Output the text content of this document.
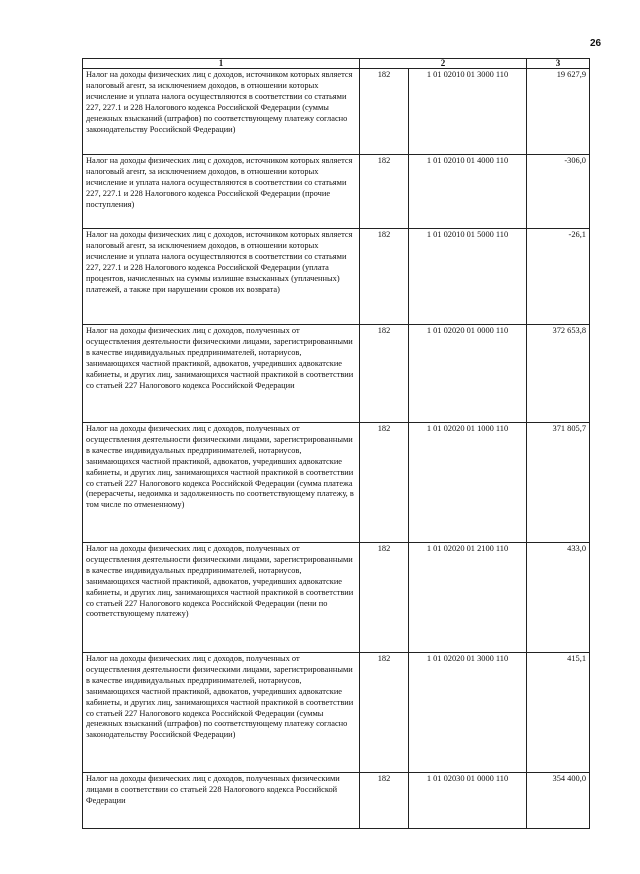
26
1	2		3
Налог на доходы физических лиц с доходов, источником которых является налоговый агент, за исключением доходов, в отношении которых исчисление и уплата налога осуществляются в соответствии со статьями 227, 227.1 и 228 Налогового кодекса Российской Федерации (суммы денежных взысканий (штрафов) по соответствующему платежу согласно законодательству Российской Федерации)	182	1 01 02010 01 3000 110	19 627,9
Налог на доходы физических лиц с доходов, источником которых является налоговый агент, за исключением доходов, в отношении которых исчисление и уплата налога осуществляются в соответствии со статьями 227, 227.1 и 228 Налогового кодекса Российской Федерации (прочие поступления)	182	1 01 02010 01 4000 110	-306,0
Налог на доходы физических лиц с доходов, источником которых является налоговый агент, за исключением доходов, в отношении которых исчисление и уплата налога осуществляются в соответствии со статьями 227, 227.1 и 228 Налогового кодекса Российской Федерации (уплата процентов, начисленных на суммы излишне взысканных (уплаченных) платежей, а также при нарушении сроков их возврата)	182	1 01 02010 01 5000 110	-26,1
Налог на доходы физических лиц с доходов, полученных от осуществления деятельности физическими лицами, зарегистрированными в качестве индивидуальных предпринимателей, нотариусов, занимающихся частной практикой, адвокатов, учредивших адвокатские кабинеты, и других лиц, занимающихся частной практикой в соответствии со статьей 227 Налогового кодекса Российской Федерации	182	1 01 02020 01 0000 110	372 653,8
Налог на доходы физических лиц с доходов, полученных от осуществления деятельности физическими лицами, зарегистрированными в качестве индивидуальных предпринимателей, нотариусов, занимающихся частной практикой, адвокатов, учредивших адвокатские кабинеты, и других лиц, занимающихся частной практикой в соответствии со статьей 227 Налогового кодекса Российской Федерации (сумма платежа (перерасчеты, недоимка и задолженность по соответствующему платежу, в том числе по отмененному)	182	1 01 02020 01 1000 110	371 805,7
Налог на доходы физических лиц с доходов, полученных от осуществления деятельности физическими лицами, зарегистрированными в качестве индивидуальных предпринимателей, нотариусов, занимающихся частной практикой, адвокатов, учредивших адвокатские кабинеты, и других лиц, занимающихся частной практикой в соответствии со статьей 227 Налогового кодекса Российской Федерации (пени по соответствующему платежу)	182	1 01 02020 01 2100 110	433,0
Налог на доходы физических лиц с доходов, полученных от осуществления деятельности физическими лицами, зарегистрированными в качестве индивидуальных предпринимателей, нотариусов, занимающихся частной практикой, адвокатов, учредивших адвокатские кабинеты, и других лиц, занимающихся частной практикой в соответствии со статьей 227 Налогового кодекса Российской Федерации (суммы денежных взысканий (штрафов) по соответствующему платежу согласно законодательству Российской Федерации)	182	1 01 02020 01 3000 110	415,1
Налог на доходы физических лиц с доходов, полученных физическими лицами в соответствии со статьей 228 Налогового кодекса Российской Федерации	182	1 01 02030 01 0000 110	354 400,0
